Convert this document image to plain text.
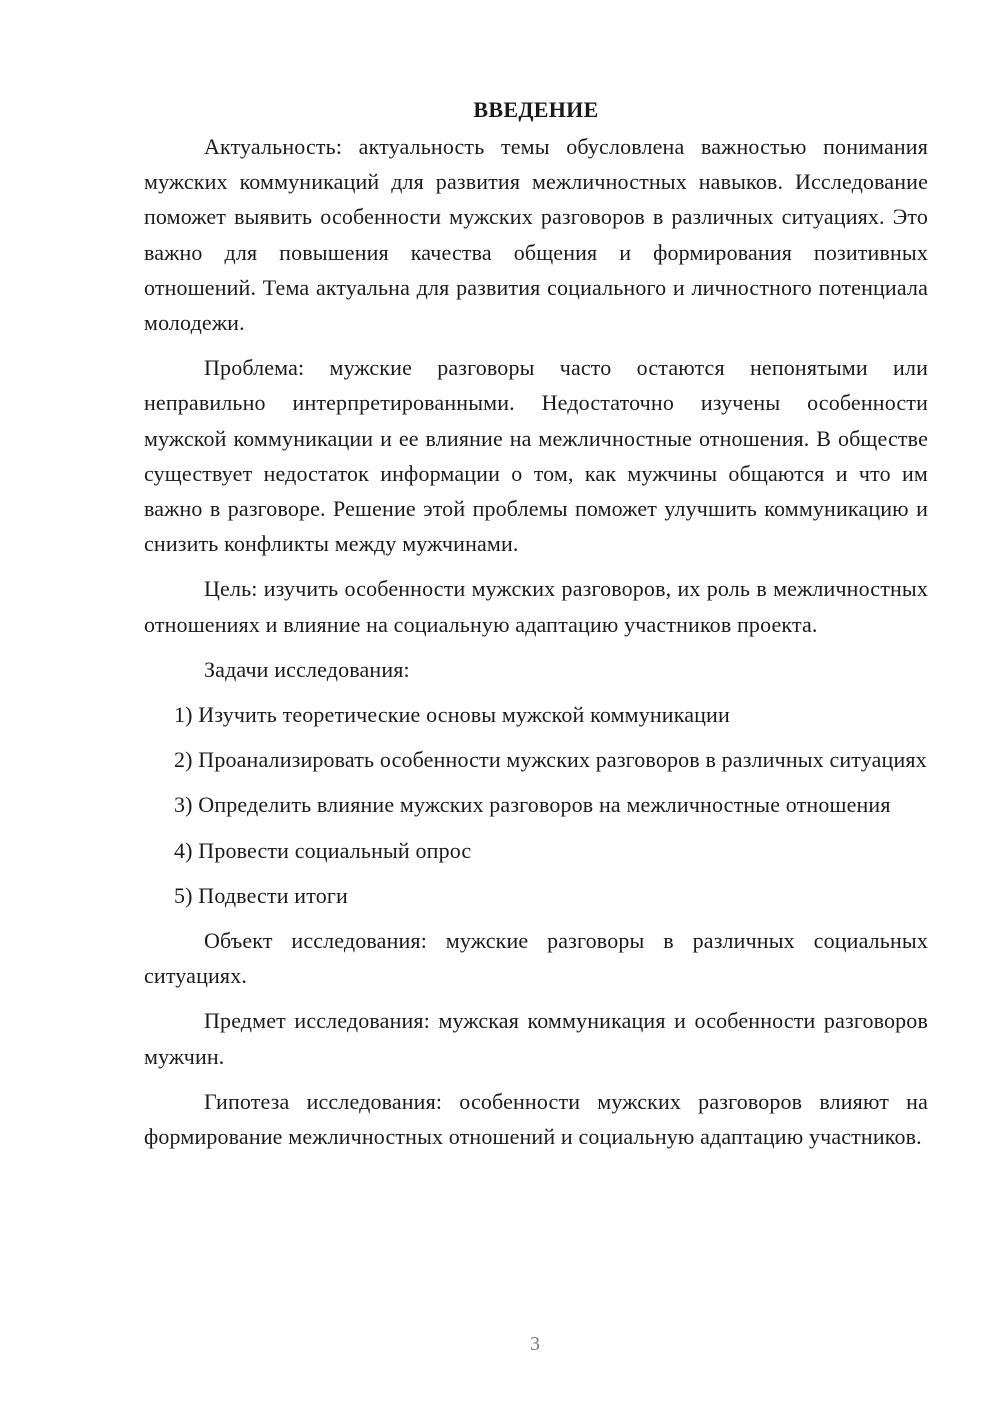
ВВЕДЕНИЕ

Актуальность: актуальность темы обусловлена важностью понимания мужских коммуникаций для развития межличностных навыков. Исследование поможет выявить особенности мужских разговоров в различных ситуациях. Это важно для повышения качества общения и формирования позитивных отношений. Тема актуальна для развития социального и личностного потенциала молодежи.

Проблема: мужские разговоры часто остаются непонятыми или неправильно интерпретированными. Недостаточно изучены особенности мужской коммуникации и ее влияние на межличностные отношения. В обществе существует недостаток информации о том, как мужчины общаются и что им важно в разговоре. Решение этой проблемы поможет улучшить коммуникацию и снизить конфликты между мужчинами.

Цель: изучить особенности мужских разговоров, их роль в межличностных отношениях и влияние на социальную адаптацию участников проекта.

Задачи исследования:

1) Изучить теоретические основы мужской коммуникации

2) Проанализировать особенности мужских разговоров в различных ситуациях

3) Определить влияние мужских разговоров на межличностные отношения

4) Провести социальный опрос

5) Подвести итоги

Объект исследования: мужские разговоры в различных социальных ситуациях.

Предмет исследования: мужская коммуникация и особенности разговоров мужчин.

Гипотеза исследования: особенности мужских разговоров влияют на формирование межличностных отношений и социальную адаптацию участников.

3
